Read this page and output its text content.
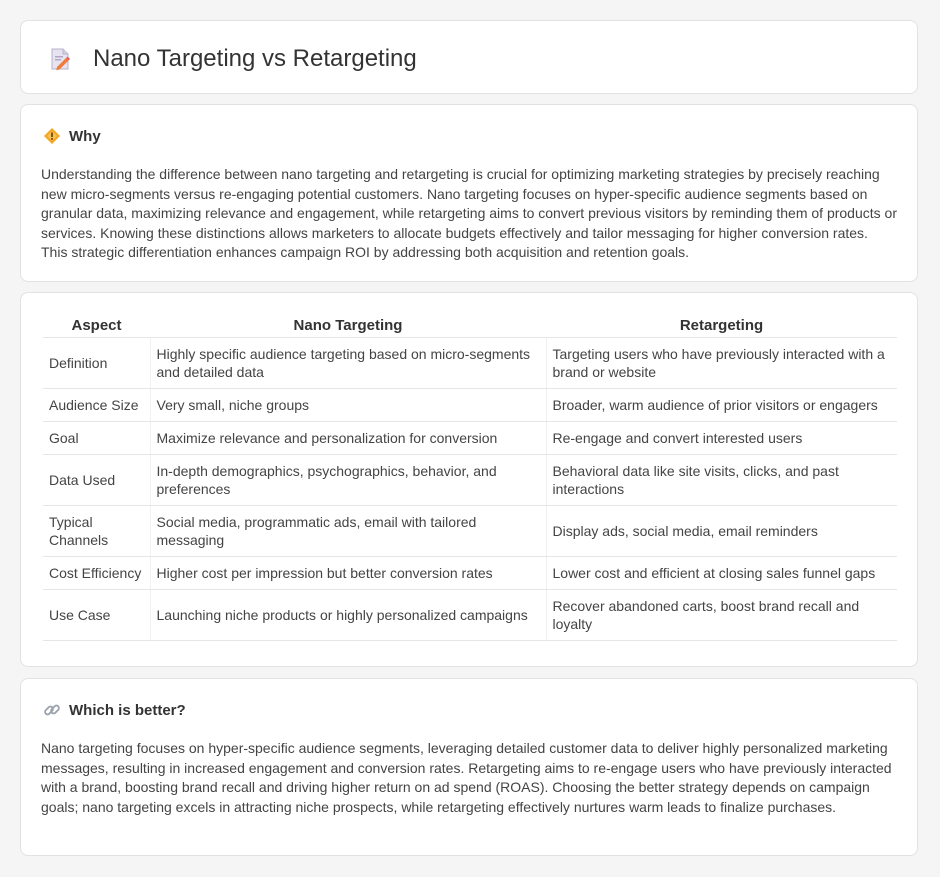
Nano Targeting vs Retargeting
Why

Understanding the difference between nano targeting and retargeting is crucial for optimizing marketing strategies by precisely reaching new micro-segments versus re-engaging potential customers. Nano targeting focuses on hyper-specific audience segments based on granular data, maximizing relevance and engagement, while retargeting aims to convert previous visitors by reminding them of products or services. Knowing these distinctions allows marketers to allocate budgets effectively and tailor messaging for higher conversion rates. This strategic differentiation enhances campaign ROI by addressing both acquisition and retention goals.

Aspect	Nano Targeting	Retargeting
Definition	Highly specific audience targeting based on micro-segments and detailed data	Targeting users who have previously interacted with a brand or website
Audience Size	Very small, niche groups	Broader, warm audience of prior visitors or engagers
Goal	Maximize relevance and personalization for conversion	Re-engage and convert interested users
Data Used	In-depth demographics, psychographics, behavior, and preferences	Behavioral data like site visits, clicks, and past interactions
Typical Channels	Social media, programmatic ads, email with tailored messaging	Display ads, social media, email reminders
Cost Efficiency	Higher cost per impression but better conversion rates	Lower cost and efficient at closing sales funnel gaps
Use Case	Launching niche products or highly personalized campaigns	Recover abandoned carts, boost brand recall and loyalty
Which is better?

Nano targeting focuses on hyper-specific audience segments, leveraging detailed customer data to deliver highly personalized marketing messages, resulting in increased engagement and conversion rates. Retargeting aims to re-engage users who have previously interacted with a brand, boosting brand recall and driving higher return on ad spend (ROAS). Choosing the better strategy depends on campaign goals; nano targeting excels in attracting niche prospects, while retargeting effectively nurtures warm leads to finalize purchases.
